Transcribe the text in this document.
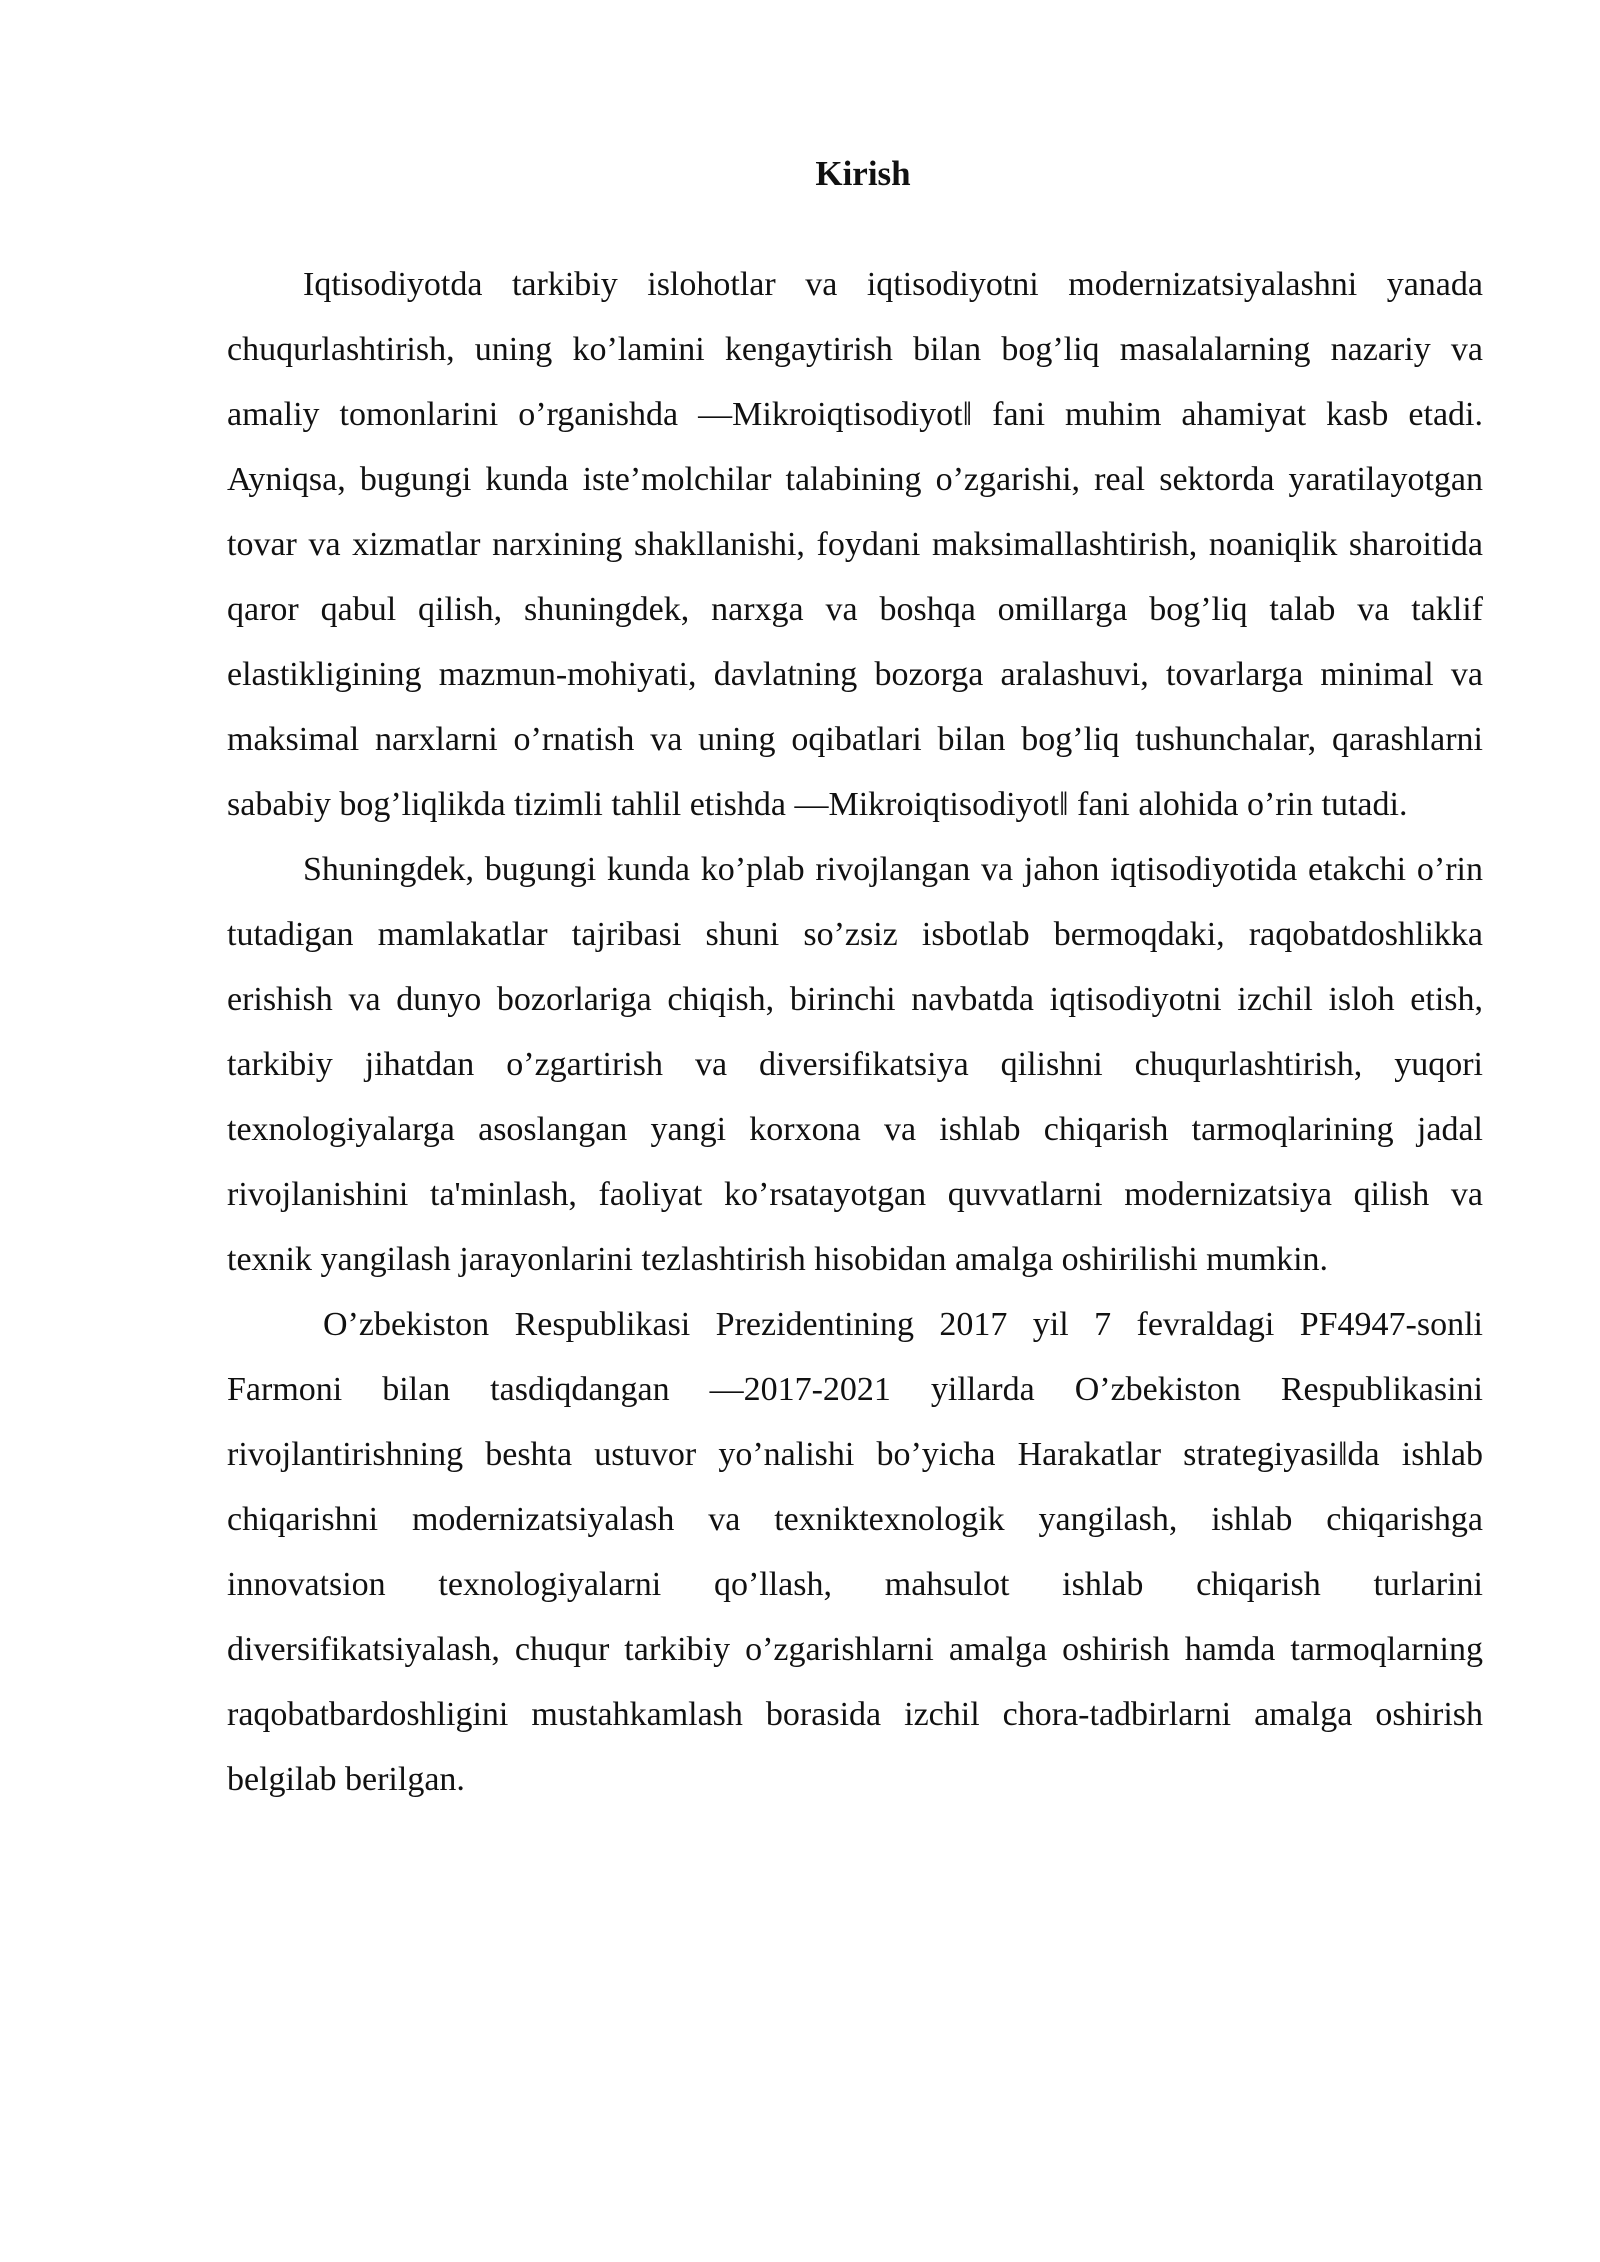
Kirish

Iqtisodiyotda tarkibiy islohotlar va iqtisodiyotni modernizatsiyalashni yanada chuqurlashtirish, uning ko’lamini kengaytirish bilan bog’liq masalalarning nazariy va amaliy tomonlarini o’rganishda ―Mikroiqtisodiyot‖ fani muhim ahamiyat kasb etadi. Ayniqsa, bugungi kunda iste’molchilar talabining o’zgarishi, real sektorda yaratilayotgan tovar va xizmatlar narxining shakllanishi, foydani maksimallashtirish, noaniqlik sharoitida qaror qabul qilish, shuningdek, narxga va boshqa omillarga bog’liq talab va taklif elastikligining mazmun-mohiyati, davlatning bozorga aralashuvi, tovarlarga minimal va maksimal narxlarni o’rnatish va uning oqibatlari bilan bog’liq tushunchalar, qarashlarni sababiy bog’liqlikda tizimli tahlil etishda ―Mikroiqtisodiyot‖ fani alohida o’rin tutadi.

Shuningdek, bugungi kunda ko’plab rivojlangan va jahon iqtisodiyotida etakchi o’rin tutadigan mamlakatlar tajribasi shuni so’zsiz isbotlab bermoqdaki, raqobatdoshlikka erishish va dunyo bozorlariga chiqish, birinchi navbatda iqtisodiyotni izchil isloh etish, tarkibiy jihatdan o’zgartirish va diversifikatsiya qilishni chuqurlashtirish, yuqori texnologiyalarga asoslangan yangi korxona va ishlab chiqarish tarmoqlarining jadal rivojlanishini ta'minlash, faoliyat ko’rsatayotgan quvvatlarni modernizatsiya qilish va texnik yangilash jarayonlarini tezlashtirish hisobidan amalga oshirilishi mumkin.

O’zbekiston Respublikasi Prezidentining 2017 yil 7 fevraldagi PF4947-sonli Farmoni bilan tasdiqdangan ―2017-2021 yillarda O’zbekiston Respublikasini rivojlantirishning beshta ustuvor yo’nalishi bo’yicha Harakatlar strategiyasi‖da ishlab chiqarishni modernizatsiyalash va texniktexnologik yangilash, ishlab chiqarishga innovatsion texnologiyalarni qo’llash, mahsulot ishlab chiqarish turlarini diversifikatsiyalash, chuqur tarkibiy o’zgarishlarni amalga oshirish hamda tarmoqlarning raqobatbardoshligini mustahkamlash borasida izchil chora-tadbirlarni amalga oshirish belgilab berilgan.
